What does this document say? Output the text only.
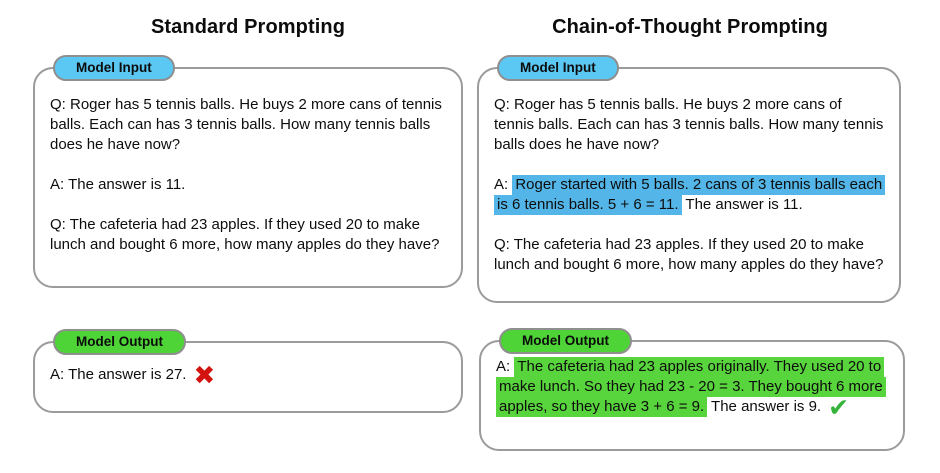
Standard Prompting	Chain-of-Thought Prompting
Model Input

Q: Roger has 5 tennis balls. He buys 2 more cans of tennis balls. Each can has 3 tennis balls. How many tennis balls does he have now?

A: The answer is 11.

Q: The cafeteria had 23 apples. If they used 20 to make lunch and bought 6 more, how many apples do they have?

Model Output

A: The answer is 27. ✖

Model Input

Q: Roger has 5 tennis balls. He buys 2 more cans of tennis balls. Each can has 3 tennis balls. How many tennis balls does he have now?

A: Roger started with 5 balls. 2 cans of 3 tennis balls each is 6 tennis balls. 5 + 6 = 11. The answer is 11.

Q: The cafeteria had 23 apples. If they used 20 to make lunch and bought 6 more, how many apples do they have?

Model Output

A: The cafeteria had 23 apples originally. They used 20 to make lunch. So they had 23 - 20 = 3. They bought 6 more apples, so they have 3 + 6 = 9. The answer is 9. ✔
